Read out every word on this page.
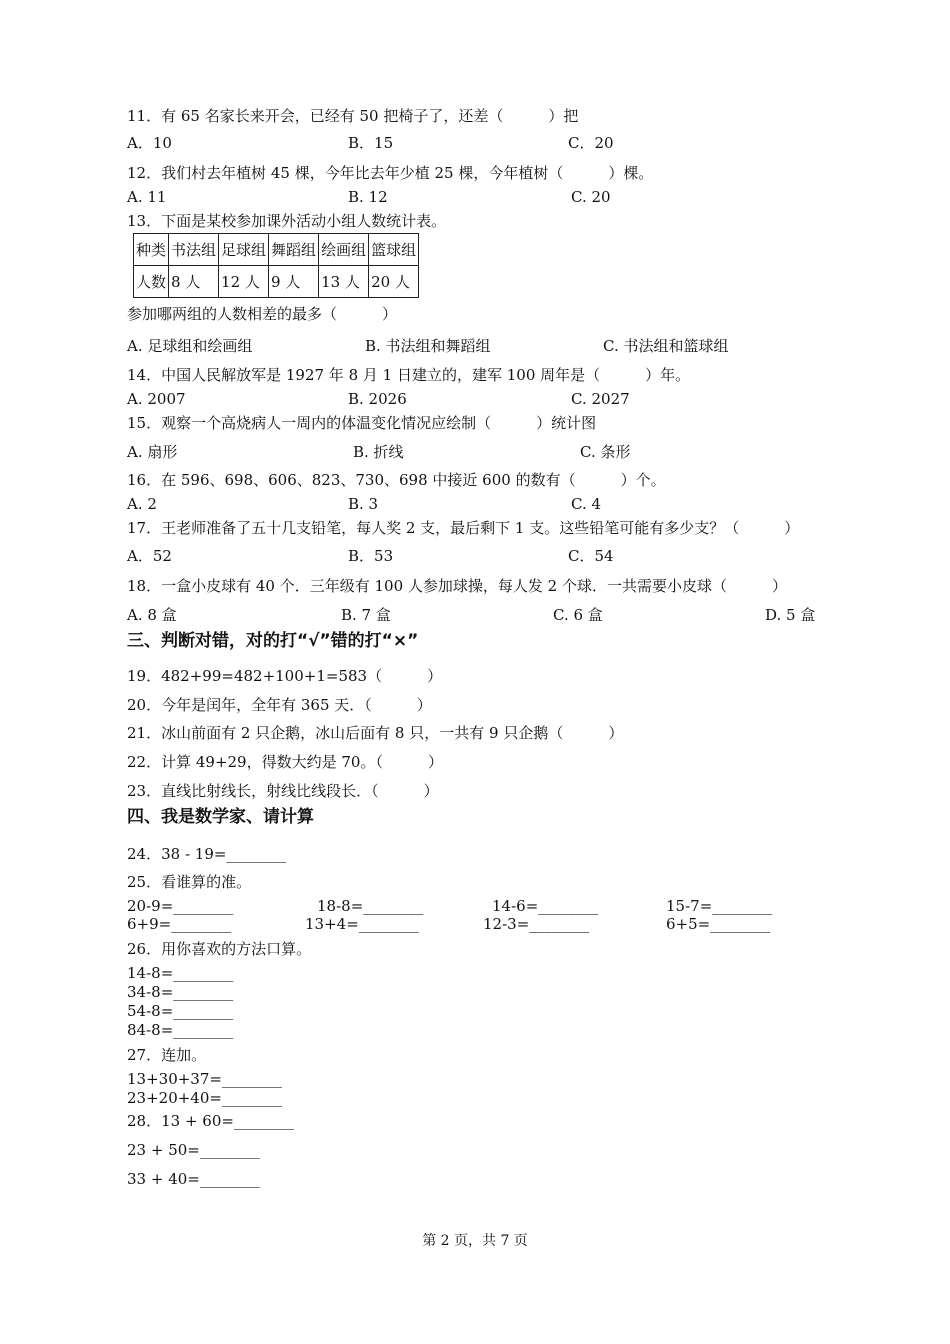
11．有 65 名家长来开会，已经有 50 把椅子了，还差（　　　）把
A．10	B．15	C．20
12．我们村去年植树 45 棵，今年比去年少植 25 棵，今年植树（　　　）棵。
A. 11	B. 12	C. 20
13．下面是某校参加课外活动小组人数统计表。
种类	书法组	足球组	舞蹈组	绘画组	篮球组
人数	8 人	12 人	9 人	13 人	20 人
参加哪两组的人数相差的最多（　　　）
A. 足球组和绘画组	B. 书法组和舞蹈组	C. 书法组和篮球组
14．中国人民解放军是 1927 年 8 月 1 日建立的，建军 100 周年是（　　　）年。
A. 2007	B. 2026	C. 2027
15．观察一个高烧病人一周内的体温变化情况应绘制（　　　）统计图
A. 扇形	B. 折线	C. 条形
16．在 596、698、606、823、730、698 中接近 600 的数有（　　　）个。
A. 2	B. 3	C. 4
17．王老师准备了五十几支铅笔，每人奖 2 支，最后剩下 1 支。这些铅笔可能有多少支？（　　　）
A．52	B．53	C．54
18．一盒小皮球有 40 个．三年级有 100 人参加球操，每人发 2 个球．一共需要小皮球（　　　）
A. 8 盒	B. 7 盒	C. 6 盒	D. 5 盒
三、判断对错，对的打“√”错的打“×”
19．482+99=482+100+1=583（　　　）
20．今年是闰年，全年有 365 天．（　　　）
21．冰山前面有 2 只企鹅，冰山后面有 8 只，一共有 9 只企鹅（　　　）
22．计算 49+29，得数大约是 70。（　　　）
23．直线比射线长，射线比线段长．（　　　）
四、我是数学家、请计算
24．38 - 19=________
25．看谁算的准。
20-9=________	18-8=________	14-6=________	15-7=________
6+9=________	13+4=________	12-3=________	6+5=________
26．用你喜欢的方法口算。
14-8=________
34-8=________
54-8=________
84-8=________
27．连加。
13+30+37=________
23+20+40=________
28．13 + 60=________
23 + 50=________
33 + 40=________
第 2 页，共 7 页
